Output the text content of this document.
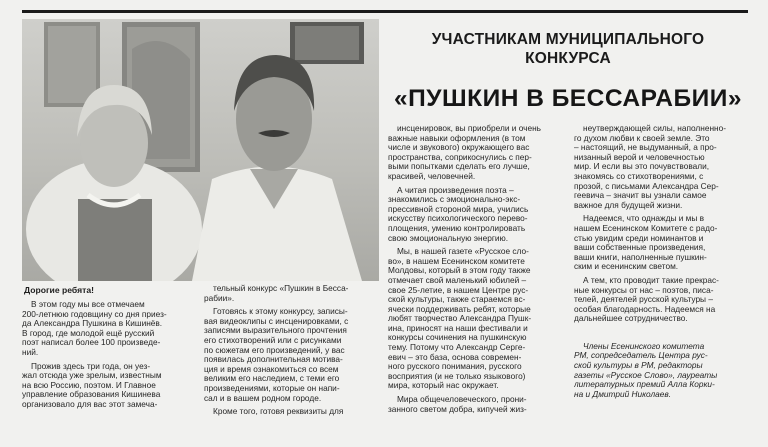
Дорогие ребята!
УЧАСТНИКАМ МУНИЦИПАЛЬНОГО
КОНКУРСА
«ПУШКИН В БЕССАРАБИИ»
В этом году мы все отмечаем
200-летнюю годовщину со дня приез-
да Александра Пушкина в Кишинёв.
В город, где молодой ещё русский
поэт написал более 100 произведе-
ний.
Прожив здесь три года, он уез-
жал отсюда уже зрелым, известным
на всю Россию, поэтом. И Главное
управление образования Кишинева
организовало для вас этот замеча-
тельный конкурс «Пушкин в Бесса-
рабии».
Готовясь к этому конкурсу, записы-
вая видеоклипы с инсценировками, с
записями выразительного прочтения
его стихотворений или с рисунками
по сюжетам его произведений, у вас
появилась дополнительная мотива-
ция и время ознакомиться со всем
великим его наследием, с теми его
произведениями, которые он напи-
сал и в вашем родном городе.
Кроме того, готовя реквизиты для
инсценировок, вы приобрели и очень
важные навыки оформления (в том
числе и звукового) окружающего вас
пространства, соприкоснулись с пер-
выми попытками сделать его лучше,
красивей, человечней.
А читая произведения поэта –
знакомились с эмоционально-экс-
прессивной стороной мира, учились
искусству психологического перево-
площения, умению контролировать
свою эмоциональную энергию.
Мы, в нашей газете «Русское сло-
во», в нашем Есенинском комитете
Молдовы, который в этом году также
отмечает свой маленький юбилей –
свое 25-летие, в нашем Центре рус-
ской культуры, также стараемся вс-
ячески поддерживать ребят, которые
любят творчество Александра Пушк-
ина, приносят на наши фестивали и
конкурсы сочинения на пушкинскую
тему. Потому что Александр Серге-
евич – это база, основа современ-
ного русского понимания, русского
восприятия (и не только языкового)
мира, который нас окружает.
Мира общечеловеческого, прони-
занного светом добра, кипучей жиз-
неутверждающей силы, наполненно-
го духом любви к своей земле. Это
– настоящий, не выдуманный, а про-
низанный верой и человечностью
мир. И если вы это почувствовали,
знакомясь со стихотворениями, с
прозой, с письмами Александра Сер-
геевича – значит вы узнали самое
важное для будущей жизни.
Надеемся, что однажды и мы в
нашем Есенинском Комитете с радо-
стью увидим среди номинантов и
ваши собственные произведения,
ваши книги, наполненные пушкин-
ским и есенинским светом.
А тем, кто проводит такие прекрас-
ные конкурсы от нас – поэтов, писа-
телей, деятелей русской культуры –
особая благодарность. Надеемся на
дальнейшее сотрудничество.
Члены Есенинского комитета
РМ, сопредседатель Центра рус-
ской культуры в РМ, редакторы
газеты «Русское Слово», лауреаты
литературных премий Алла Корки-
на и Дмитрий Николаев.
